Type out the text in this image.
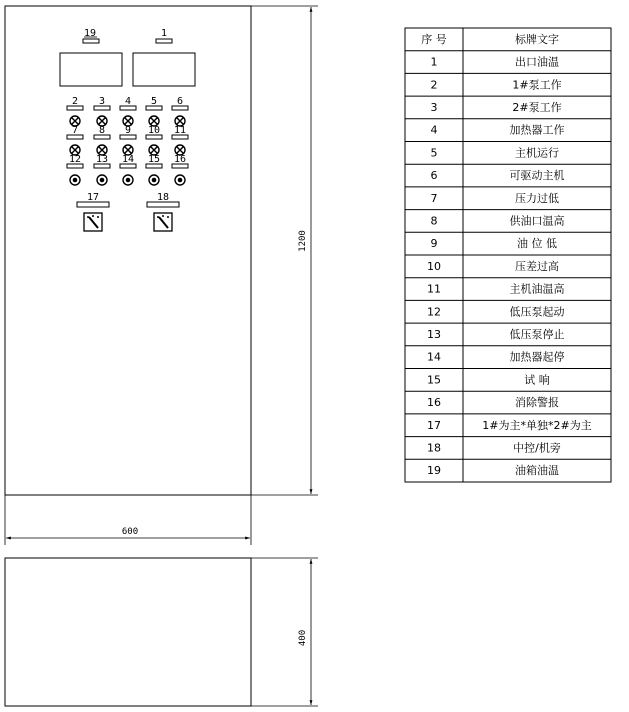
1200
600
400
19	1
2 3 4 5 6
7 8 9 10 11
12 13 14 15 16
17	18
序 号	标牌文字
1	出口油温
2	1#泵工作
3	2#泵工作
4	加热器工作
5	主机运行
6	可驱动主机
7	压力过低
8	供油口温高
9	油 位 低
10	压差过高
11	主机油温高
12	低压泵起动
13	低压泵停止
14	加热器起停
15	试 响
16	消除警报
17	1#为主*单独*2#为主
18	中控/机旁
19	油箱油温
